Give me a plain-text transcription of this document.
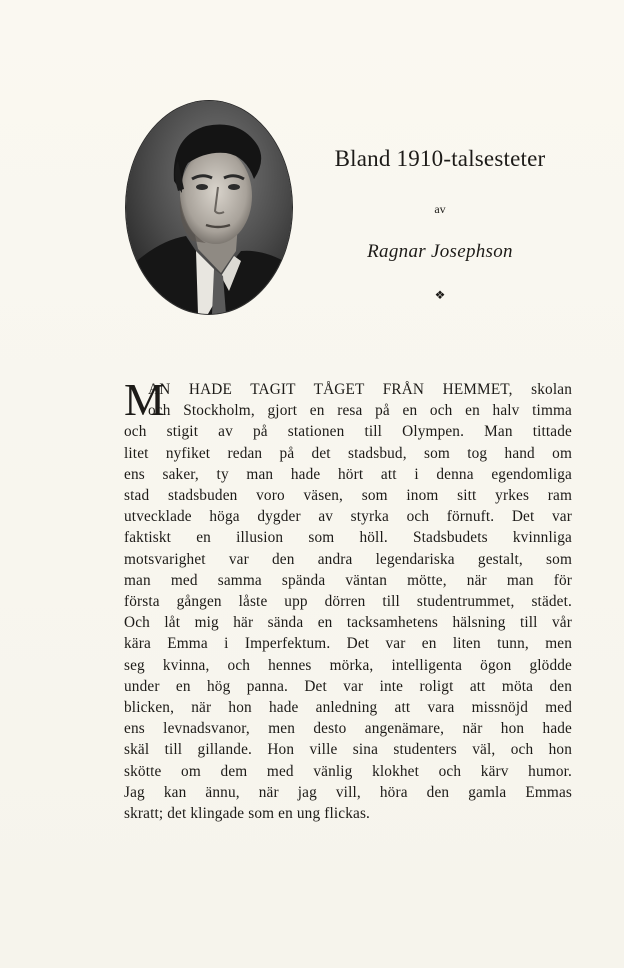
Bland 1910-talsesteter
av
Ragnar Josephson
❖
M
AN HADE TAGIT TÅGET FRÅN HEMMET, skolan
och Stockholm, gjort en resa på en och en halv timma
och stigit av på stationen till Olympen. Man tittade
litet nyfiket redan på det stadsbud, som tog hand om
ens saker, ty man hade hört att i denna egendomliga
stad stadsbuden voro väsen, som inom sitt yrkes ram
utvecklade höga dygder av styrka och förnuft. Det var
faktiskt en illusion som höll. Stadsbudets kvinnliga
motsvarighet var den andra legendariska gestalt, som
man med samma spända väntan mötte, när man för
första gången låste upp dörren till studentrummet, städet.
Och låt mig här sända en tacksamhetens hälsning till vår
kära Emma i Imperfektum. Det var en liten tunn, men
seg kvinna, och hennes mörka, intelligenta ögon glödde
under en hög panna. Det var inte roligt att möta den
blicken, när hon hade anledning att vara missnöjd med
ens levnadsvanor, men desto angenämare, när hon hade
skäl till gillande. Hon ville sina studenters väl, och hon
skötte om dem med vänlig klokhet och kärv humor.
Jag kan ännu, när jag vill, höra den gamla Emmas
skratt; det klingade som en ung flickas.
